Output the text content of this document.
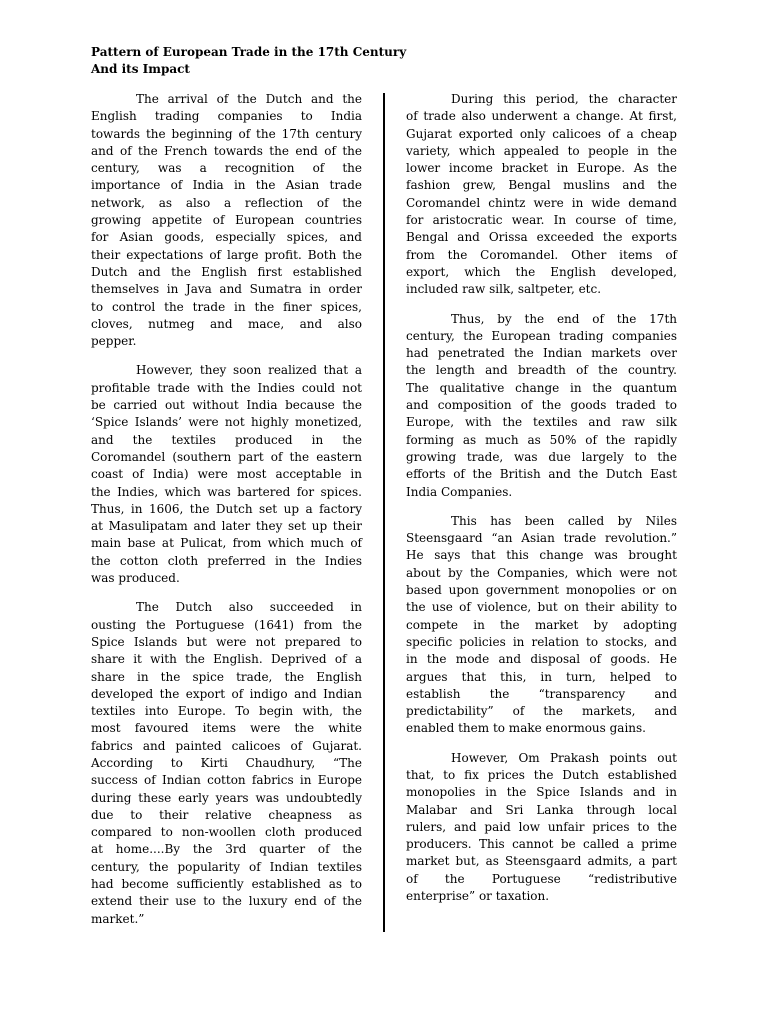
Pattern of European Trade in the 17th Century
And its Impact
The arrival of the Dutch and the
English trading companies to India
towards the beginning of the 17th century
and of the French towards the end of the
century, was a recognition of the
importance of India in the Asian trade
network, as also a reflection of the
growing appetite of European countries
for Asian goods, especially spices, and
their expectations of large profit. Both the
Dutch and the English first established
themselves in Java and Sumatra in order
to control the trade in the finer spices,
cloves, nutmeg and mace, and also
pepper.
However, they soon realized that a
profitable trade with the Indies could not
be carried out without India because the
‘Spice Islands’ were not highly monetized,
and the textiles produced in the
Coromandel (southern part of the eastern
coast of India) were most acceptable in
the Indies, which was bartered for spices.
Thus, in 1606, the Dutch set up a factory
at Masulipatam and later they set up their
main base at Pulicat, from which much of
the cotton cloth preferred in the Indies
was produced.
The Dutch also succeeded in
ousting the Portuguese (1641) from the
Spice Islands but were not prepared to
share it with the English. Deprived of a
share in the spice trade, the English
developed the export of indigo and Indian
textiles into Europe. To begin with, the
most favoured items were the white
fabrics and painted calicoes of Gujarat.
According to Kirti Chaudhury, “The
success of Indian cotton fabrics in Europe
during these early years was undoubtedly
due to their relative cheapness as
compared to non-woollen cloth produced
at home....By the 3rd quarter of the
century, the popularity of Indian textiles
had become sufficiently established as to
extend their use to the luxury end of the
market.”
During this period, the character
of trade also underwent a change. At first,
Gujarat exported only calicoes of a cheap
variety, which appealed to people in the
lower income bracket in Europe. As the
fashion grew, Bengal muslins and the
Coromandel chintz were in wide demand
for aristocratic wear. In course of time,
Bengal and Orissa exceeded the exports
from the Coromandel. Other items of
export, which the English developed,
included raw silk, saltpeter, etc.
Thus, by the end of the 17th
century, the European trading companies
had penetrated the Indian markets over
the length and breadth of the country.
The qualitative change in the quantum
and composition of the goods traded to
Europe, with the textiles and raw silk
forming as much as 50% of the rapidly
growing trade, was due largely to the
efforts of the British and the Dutch East
India Companies.
This has been called by Niles
Steensgaard “an Asian trade revolution.”
He says that this change was brought
about by the Companies, which were not
based upon government monopolies or on
the use of violence, but on their ability to
compete in the market by adopting
specific policies in relation to stocks, and
in the mode and disposal of goods. He
argues that this, in turn, helped to
establish the “transparency and
predictability” of the markets, and
enabled them to make enormous gains.
However, Om Prakash points out
that, to fix prices the Dutch established
monopolies in the Spice Islands and in
Malabar and Sri Lanka through local
rulers, and paid low unfair prices to the
producers. This cannot be called a prime
market but, as Steensgaard admits, a part
of the Portuguese “redistributive
enterprise” or taxation.
